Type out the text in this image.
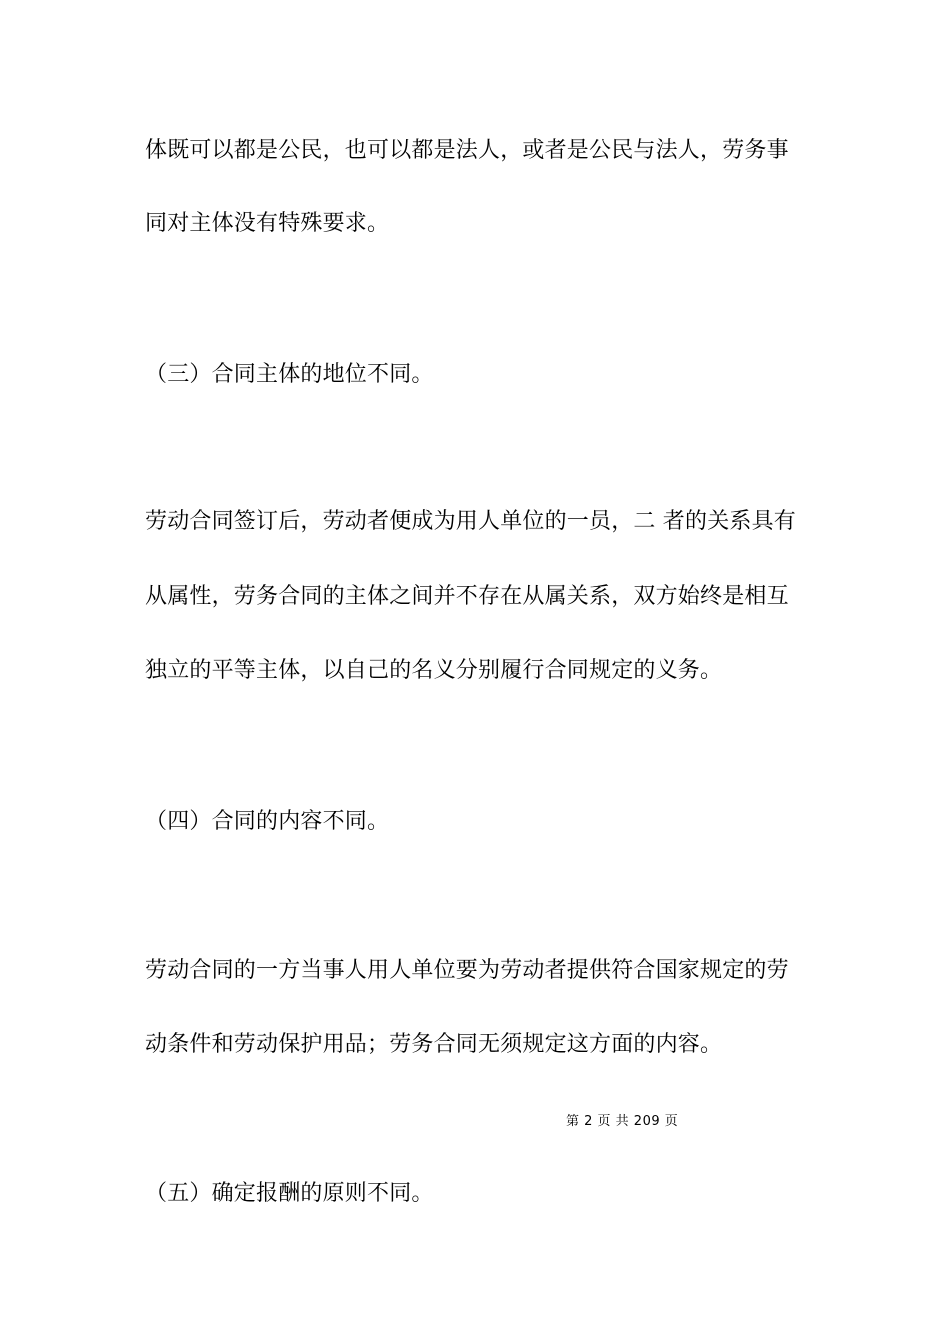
体既可以都是公民，也可以都是法人，或者是公民与法人，劳务事
同对主体没有特殊要求。
（三）合同主体的地位不同。
劳动合同签订后，劳动者便成为用人单位的一员，二 者的关系具有
从属性，劳务合同的主体之间并不存在从属关系，双方始终是相互
独立的平等主体，以自己的名义分别履行合同规定的义务。
（四）合同的内容不同。
劳动合同的一方当事人用人单位要为劳动者提供符合国家规定的劳
动条件和劳动保护用品；劳务合同无须规定这方面的内容。
第 2 页 共 209 页
（五）确定报酬的原则不同。
